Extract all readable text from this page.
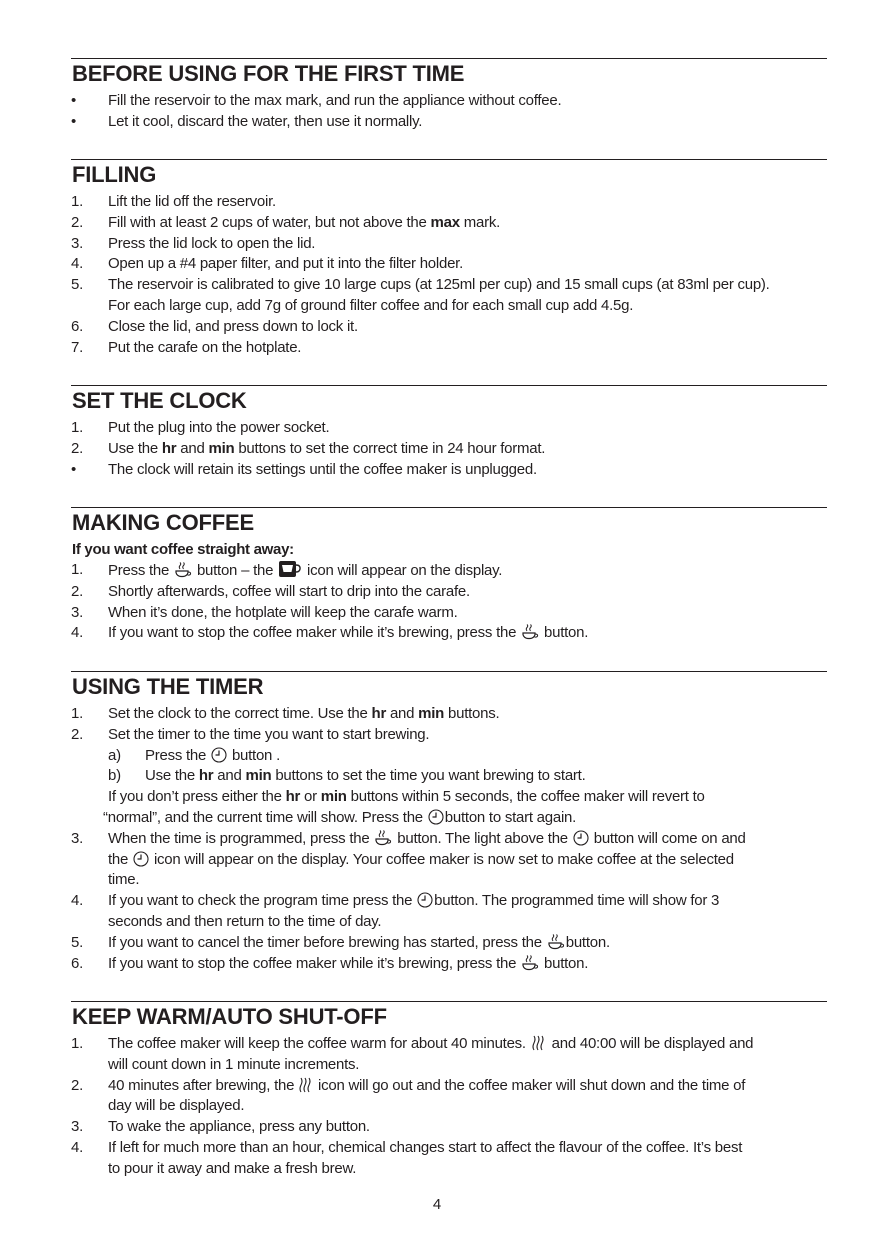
BEFORE USING FOR THE FIRST TIME
•	Fill the reservoir to the max mark, and run the appliance without coffee.
•	Let it cool, discard the water, then use it normally.
FILLING
1.	Lift the lid off the reservoir.
2.	Fill with at least 2 cups of water, but not above the max mark.
3.	Press the lid lock to open the lid.
4.	Open up a #4 paper filter, and put it into the filter holder.
5.	The reservoir is calibrated to give 10 large cups (at 125ml per cup) and 15 small cups (at 83ml per cup).
For each large cup, add 7g of ground filter coffee and for each small cup add 4.5g.
6.	Close the lid, and press down to lock it.
7.	Put the carafe on the hotplate.
SET THE CLOCK
1.	Put the plug into the power socket.
2.	Use the hr and min buttons to set the correct time in 24 hour format.
•	The clock will retain its settings until the coffee maker is unplugged.
MAKING COFFEE
If you want coffee straight away:
1.	Press the  button – the  icon will appear on the display.
2.	Shortly afterwards, coffee will start to drip into the carafe.
3.	When it’s done, the hotplate will keep the carafe warm.
4.	If you want to stop the coffee maker while it’s brewing, press the  button.
USING THE TIMER
1.	Set the clock to the correct time. Use the hr and min buttons.
2.	Set the timer to the time you want to start brewing.
a)	Press the  button .
b)	Use the hr and min buttons to set the time you want brewing to start.
If you don’t press either the hr or min buttons within 5 seconds, the coffee maker will revert to
“normal”, and the current time will show. Press the button to start again.
3.	When the time is programmed, press the  button. The light above the  button will come on and
the  icon will appear on the display. Your coffee maker is now set to make coffee at the selected
time.
4.	If you want to check the program time press the button. The programmed time will show for 3
seconds and then return to the time of day.
5.	If you want to cancel the timer before brewing has started, press the button.
6.	If you want to stop the coffee maker while it’s brewing, press the  button.
KEEP WARM/AUTO SHUT-OFF
1.	The coffee maker will keep the coffee warm for about 40 minutes.  and 40:00 will be displayed and
will count down in 1 minute increments.
2.	40 minutes after brewing, the  icon will go out and the coffee maker will shut down and the time of
day will be displayed.
3.	To wake the appliance, press any button.
4.	If left for much more than an hour, chemical changes start to affect the flavour of the coffee. It’s best
to pour it away and make a fresh brew.
4
